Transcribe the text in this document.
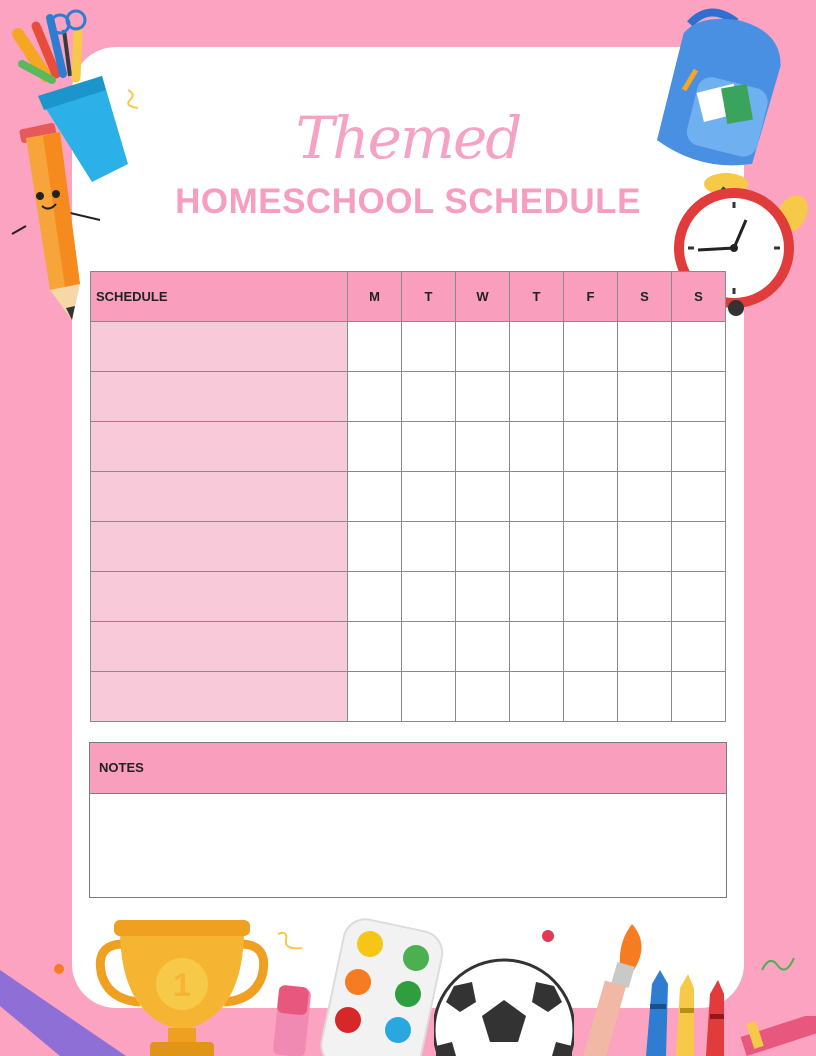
Themed
HOMESCHOOL SCHEDULE
SCHEDULE	M	T	W	T	F	S	S

NOTES
1
